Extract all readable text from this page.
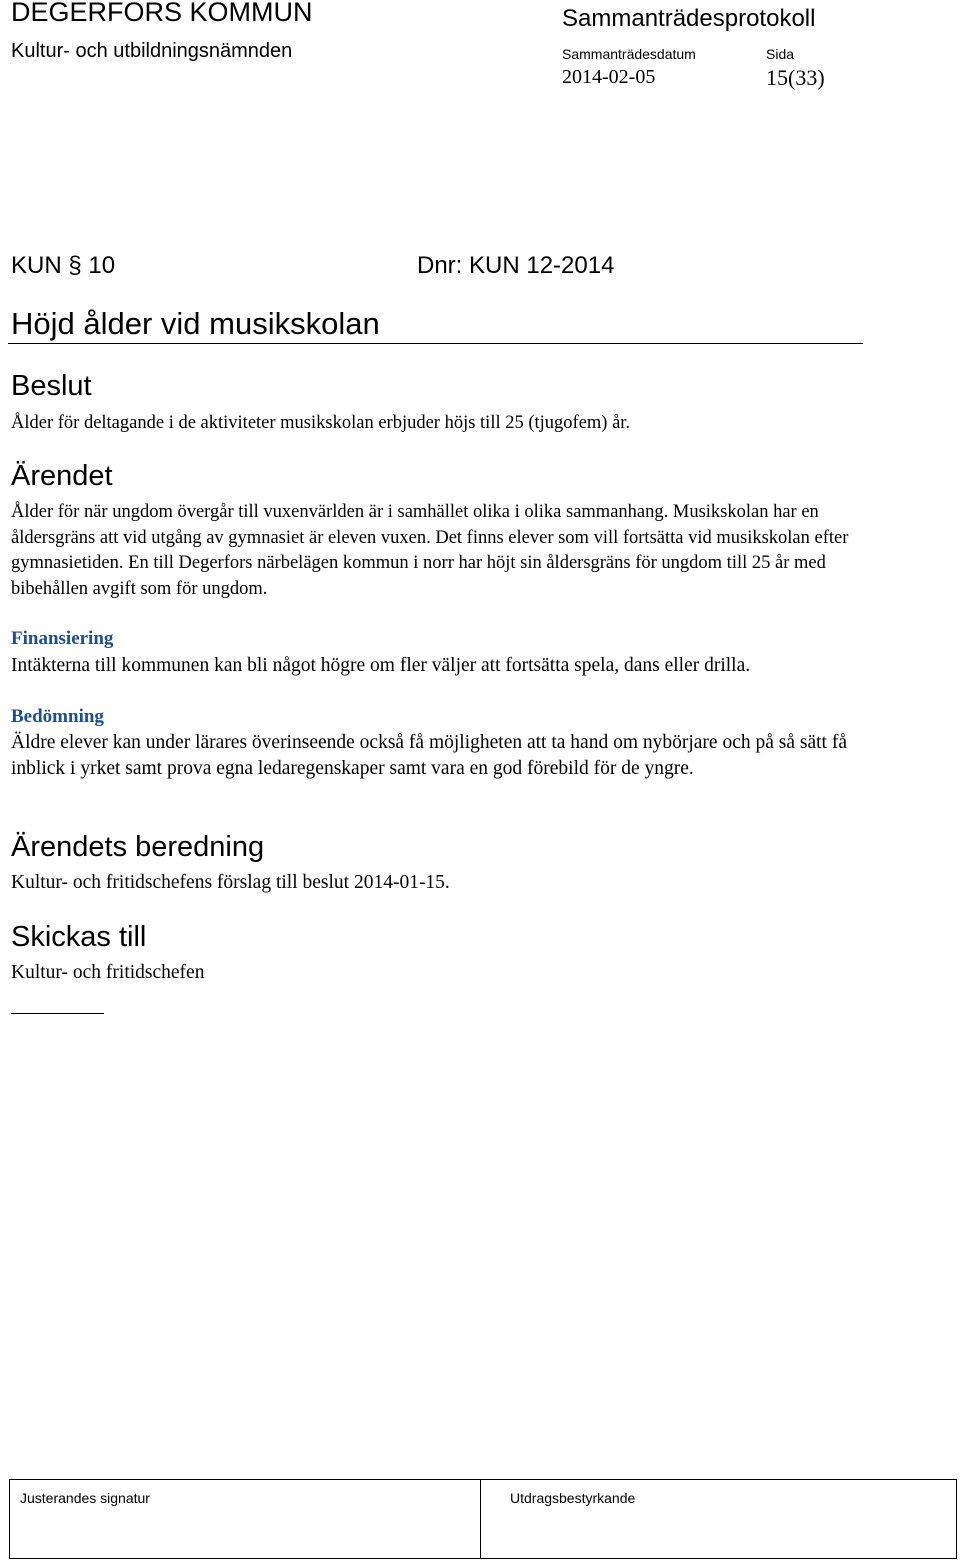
DEGERFORS KOMMUN
Kultur- och utbildningsnämnden
Sammanträdesprotokoll
Sammanträdesdatum
2014-02-05
Sida
15(33)
KUN § 10	Dnr: KUN 12-2014
Höjd ålder vid musikskolan
Beslut
Ålder för deltagande i de aktiviteter musikskolan erbjuder höjs till 25 (tjugofem) år.
Ärendet
Ålder för när ungdom övergår till vuxenvärlden är i samhället olika i olika sammanhang. Musikskolan har en åldersgräns att vid utgång av gymnasiet är eleven vuxen. Det finns elever som vill fortsätta vid musikskolan efter gymnasietiden. En till Degerfors närbelägen kommun i norr har höjt sin åldersgräns för ungdom till 25 år med bibehållen avgift som för ungdom.
Finansiering
Intäkterna till kommunen kan bli något högre om fler väljer att fortsätta spela, dans eller drilla.
Bedömning
Äldre elever kan under lärares överinseende också få möjligheten att ta hand om nybörjare och på så sätt få inblick i yrket samt prova egna ledaregenskaper samt vara en god förebild för de yngre.
Ärendets beredning
Kultur- och fritidschefens förslag till beslut 2014-01-15.
Skickas till
Kultur- och fritidschefen
Justerandes signatur	Utdragsbestyrkande
